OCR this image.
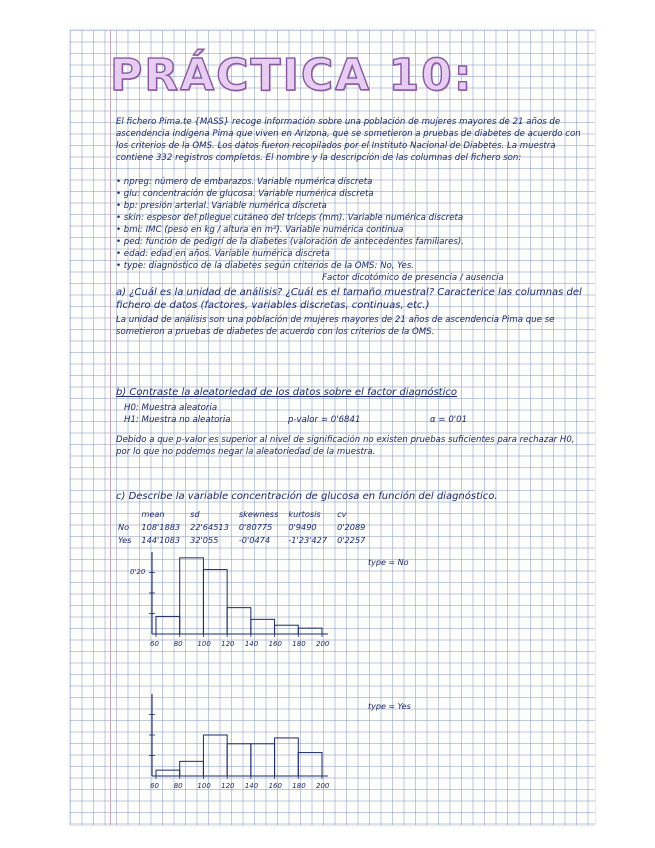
PRÁCTICA 10:

El fichero Pima.te {MASS} recoge información sobre una población de mujeres mayores de 21 años de ascendencia indígena Pima que viven en Arizona, que se sometieron a pruebas de diabetes de acuerdo con los criterios de la OMS. Los datos fueron recopilados por el Instituto Nacional de Diabetes. La muestra contiene 332 registros completos. El nombre y la descripción de las columnas del fichero son:

• npreg: número de embarazos. Variable numérica discreta

• glu: concentración de glucosa. Variable numérica discreta

• bp: presión arterial. Variable numérica discreta

• skin: espesor del pliegue cutáneo del tríceps (mm). Variable numérica discreta

• bmi: IMC (peso en kg / altura en m²). Variable numérica continua

• ped: función de pedigrí de la diabetes (valoración de antecedentes familiares).

• edad: edad en años. Variable numérica discreta

• type: diagnóstico de la diabetes según criterios de la OMS: No, Yes.

Factor dicotómico de presencia / ausencia

a) ¿Cuál es la unidad de análisis? ¿Cuál es el tamaño muestral? Caracterice las columnas del fichero de datos (factores, variables discretas, continuas, etc.)

La unidad de análisis son una población de mujeres mayores de 21 años de ascendencia Pima que se sometieron a pruebas de diabetes de acuerdo con los criterios de la OMS.

b) Contraste la aleatoriedad de los datos sobre el factor diagnóstico

H0: Muestra aleatoria

H1: Muestra no aleatoria	p-valor = 0'6841	α = 0'01

Debido a que p-valor es superior al nivel de significación no existen pruebas suficientes para rechazar H0, por lo que no podemos negar la aleatoriedad de la muestra.

c) Describe la variable concentración de glucosa en función del diagnóstico.

	mean	sd	skewness	kurtosis	cv
No	108'1883	22'64513	0'80775	0'9490	0'2089
Yes	144'1083	32'055	-0'0474	-1'23'427	0'2257
0'20
60 80 100 120 140 160 180 200
type = No
60 80 100 120 140 160 180 200
type = Yes
